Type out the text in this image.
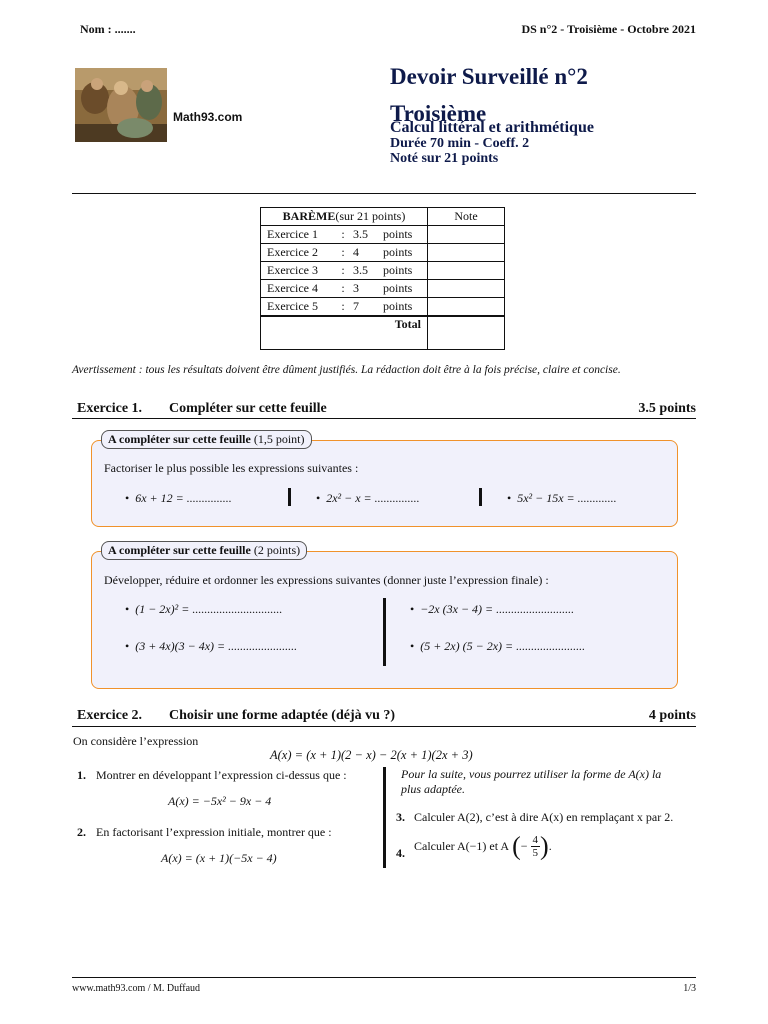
Nom : .......	DS n°2 - Troisième - Octobre 2021
Math93.com
Devoir Surveillé n°2
Troisième
Calcul littéral et arithmétique
Durée 70 min - Coeff. 2
Noté sur 21 points
BARÈME(sur 21 points)	Note
Exercice 1 : 3.5 points	
Exercice 2 : 4 points	
Exercice 3 : 3.5 points	
Exercice 4 : 3 points	
Exercice 5 : 7 points	
Total	
Avertissement : tous les résultats doivent être dûment justifiés. La rédaction doit être à la fois précise, claire et concise.
Exercice 1. Compléter sur cette feuille	3.5 points
A compléter sur cette feuille (1,5 point)
Factoriser le plus possible les expressions suivantes :
• 6x + 12 = ...............	• 2x² − x = ...............	• 5x² − 15x = .............
A compléter sur cette feuille (2 points)
Développer, réduire et ordonner les expressions suivantes (donner juste l’expression finale) :
• (1 − 2x)² = ..............................	• −2x (3x − 4) = ..........................
• (3 + 4x)(3 − 4x) = .......................	• (5 + 2x) (5 − 2x) = .......................
Exercice 2. Choisir une forme adaptée (déjà vu ?)	4 points
On considère l’expression
A(x) = (x + 1)(2 − x) − 2(x + 1)(2x + 3)
1. Montrer en développant l’expression ci-dessus que :
A(x) = −5x² − 9x − 4
2. En factorisant l’expression initiale, montrer que :
A(x) = (x + 1)(−5x − 4)
Pour la suite, vous pourrez utiliser la forme de A(x) la
plus adaptée.
3. Calculer A(2), c’est à dire A(x) en remplaçant x par 2.
4. Calculer A(−1) et A (− $\frac{4}{5}$ ).
www.math93.com / M. Duffaud	1/3
